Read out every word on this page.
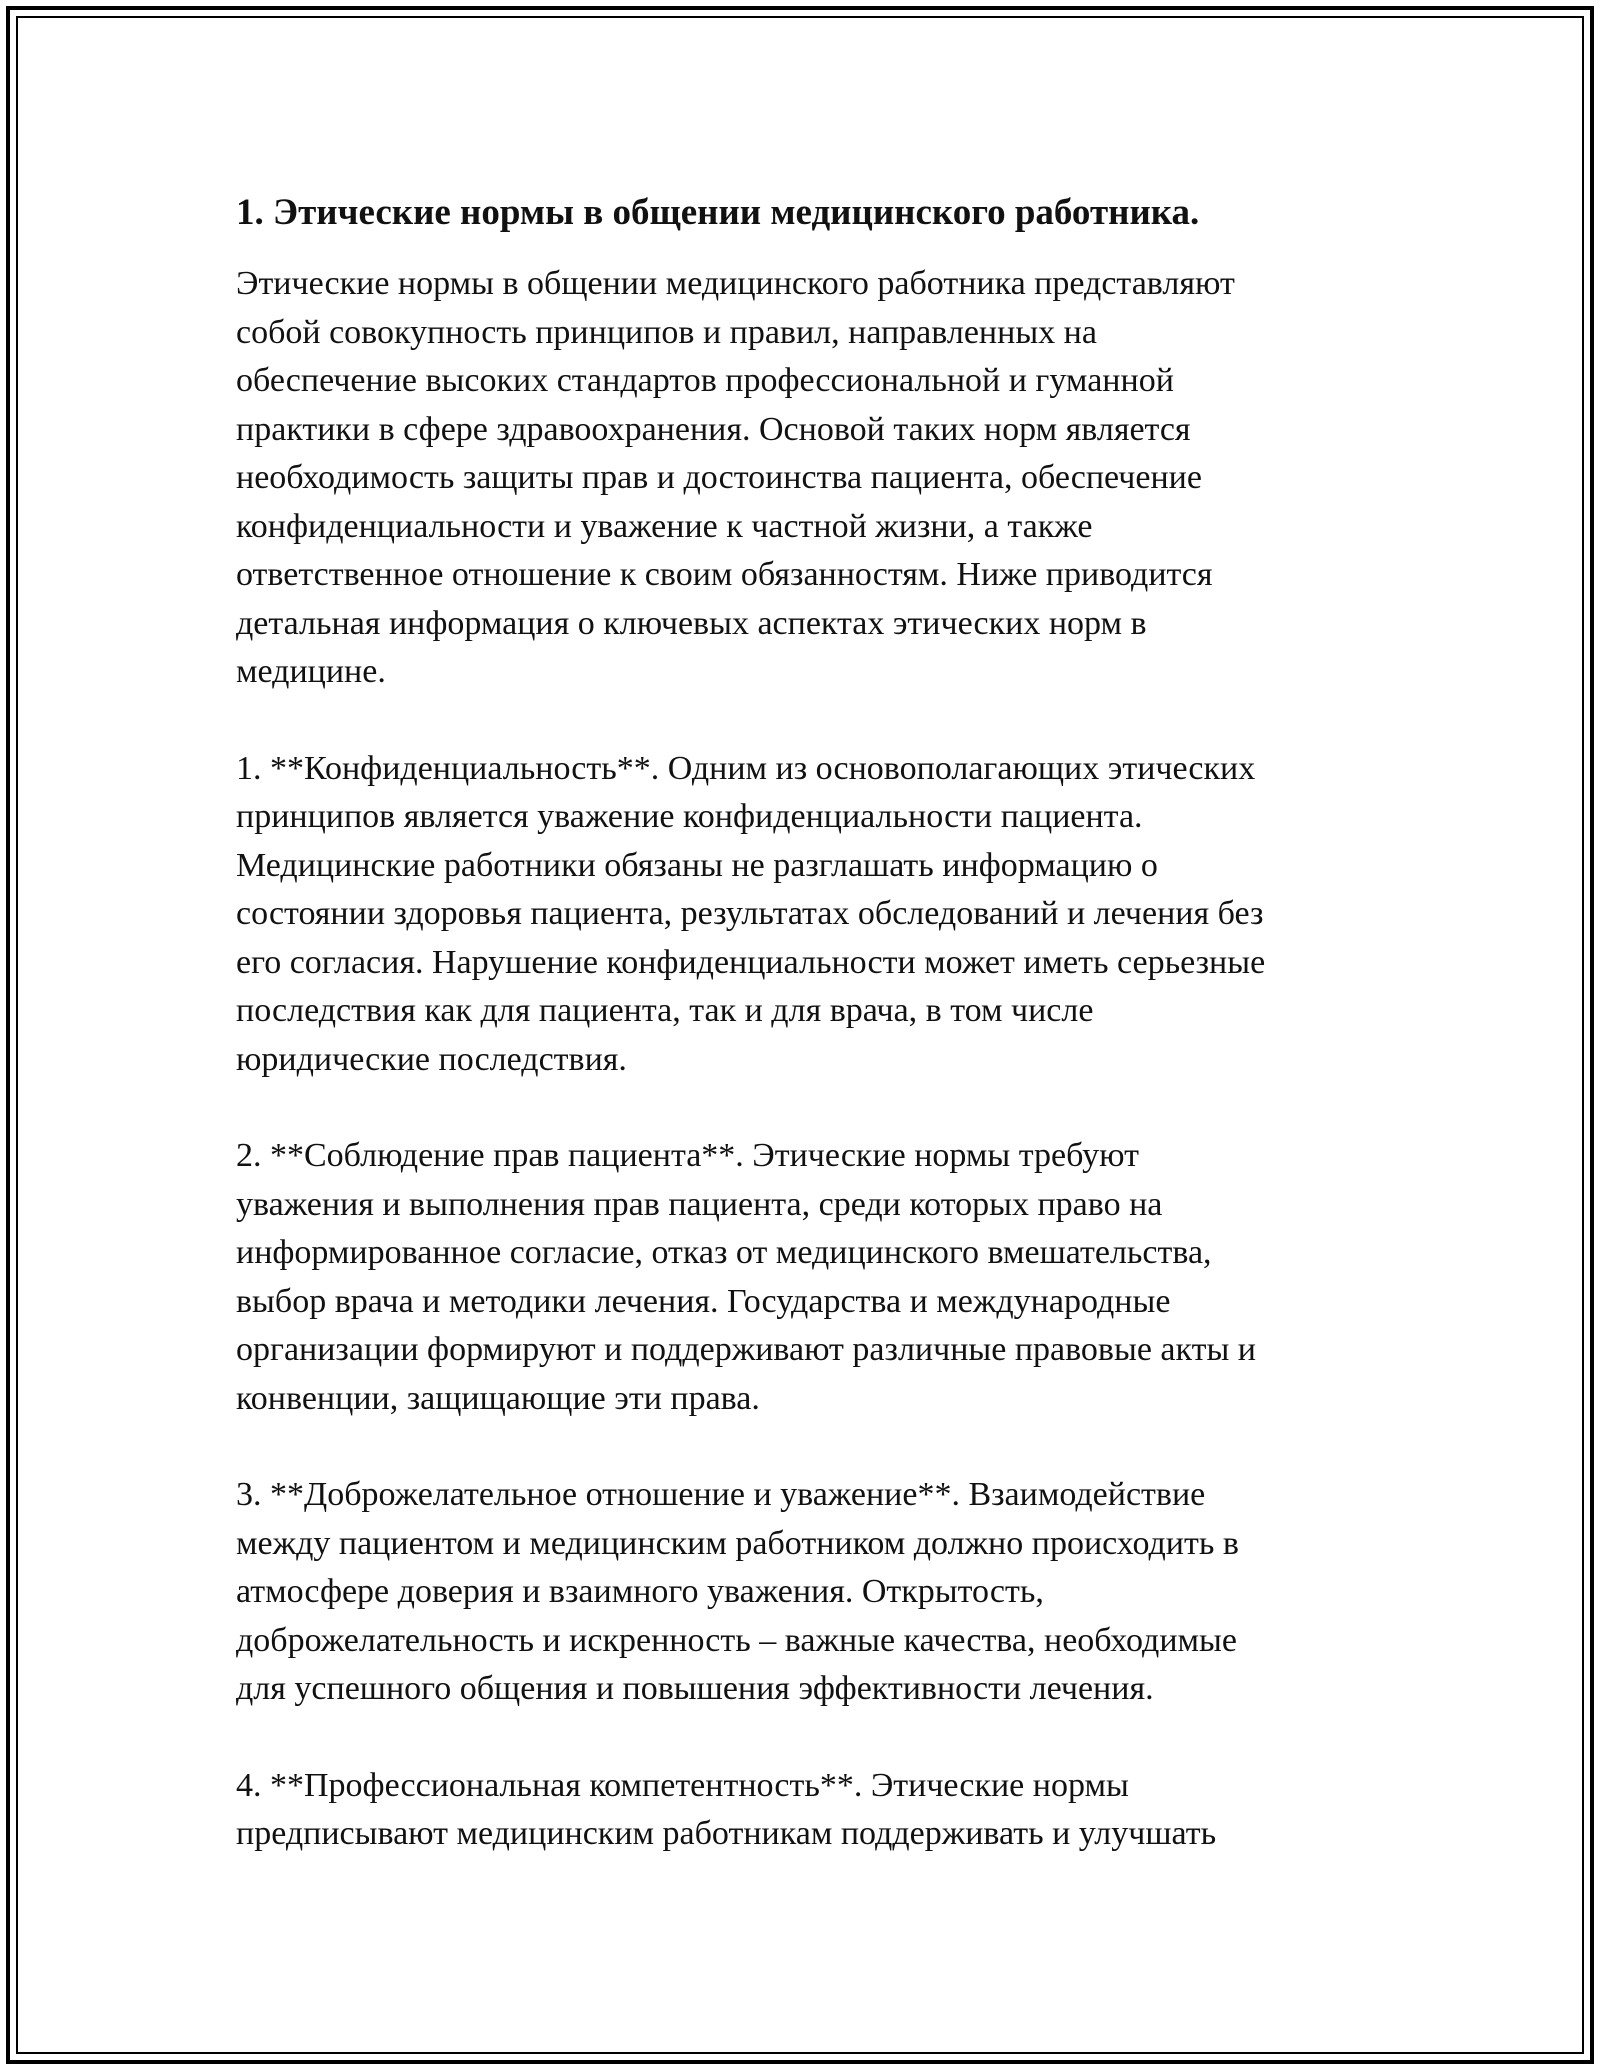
1. Этические нормы в общении медицинского работника.

Этические нормы в общении медицинского работника представляют
собой совокупность принципов и правил, направленных на
обеспечение высоких стандартов профессиональной и гуманной
практики в сфере здравоохранения. Основой таких норм является
необходимость защиты прав и достоинства пациента, обеспечение
конфиденциальности и уважение к частной жизни, а также
ответственное отношение к своим обязанностям. Ниже приводится
детальная информация о ключевых аспектах этических норм в
медицине.

1. **Конфиденциальность**. Одним из основополагающих этических
принципов является уважение конфиденциальности пациента.
Медицинские работники обязаны не разглашать информацию о
состоянии здоровья пациента, результатах обследований и лечения без
его согласия. Нарушение конфиденциальности может иметь серьезные
последствия как для пациента, так и для врача, в том числе
юридические последствия.

2. **Соблюдение прав пациента**. Этические нормы требуют
уважения и выполнения прав пациента, среди которых право на
информированное согласие, отказ от медицинского вмешательства,
выбор врача и методики лечения. Государства и международные
организации формируют и поддерживают различные правовые акты и
конвенции, защищающие эти права.

3. **Доброжелательное отношение и уважение**. Взаимодействие
между пациентом и медицинским работником должно происходить в
атмосфере доверия и взаимного уважения. Открытость,
доброжелательность и искренность – важные качества, необходимые
для успешного общения и повышения эффективности лечения.

4. **Профессиональная компетентность**. Этические нормы
предписывают медицинским работникам поддерживать и улучшать
